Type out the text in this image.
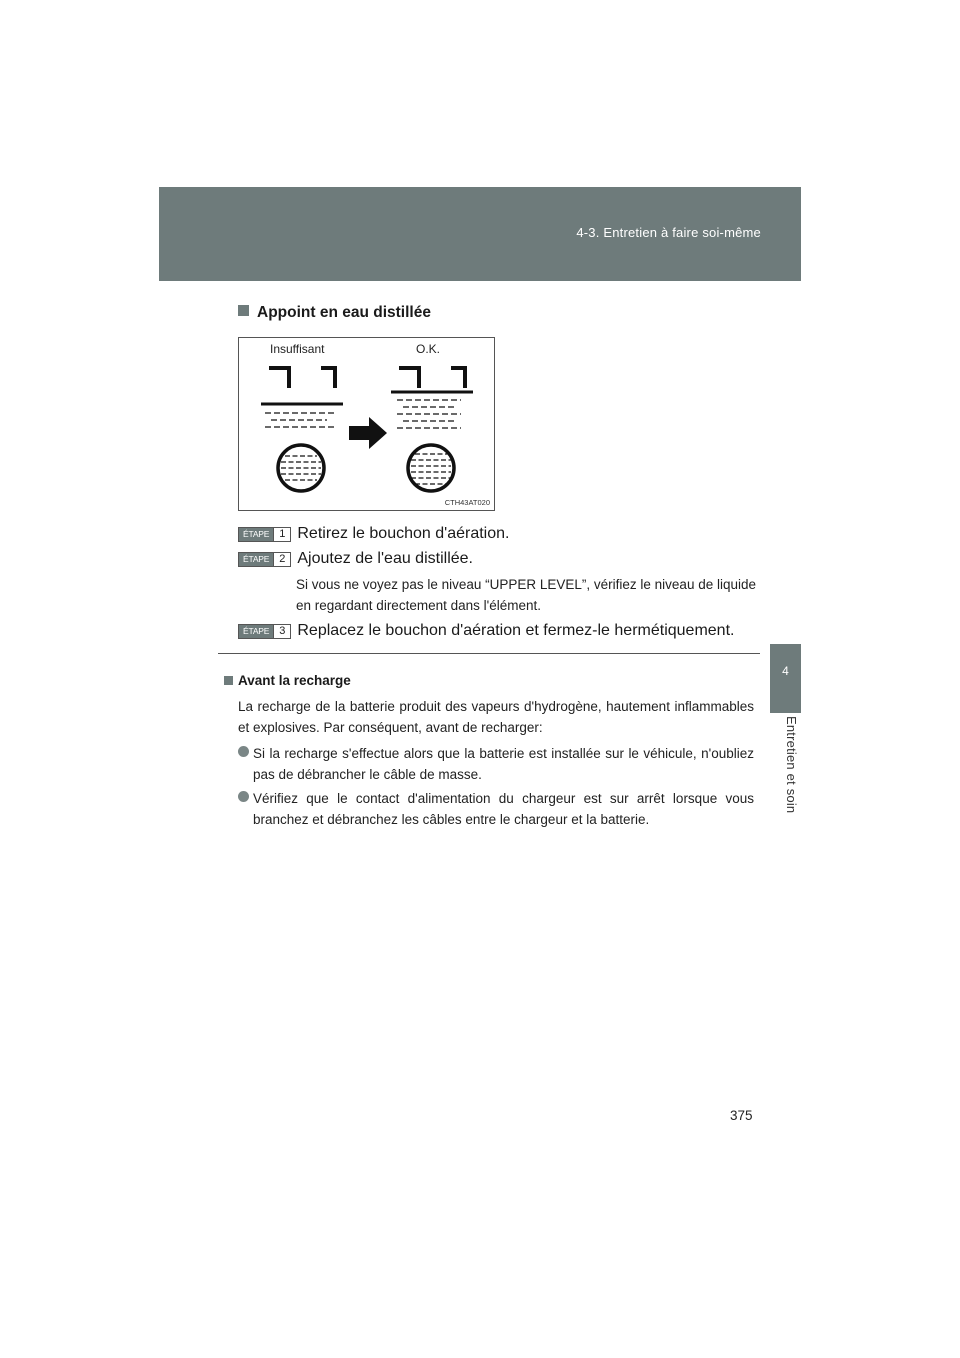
4-3. Entretien à faire soi-même
4
Entretien et soin
Appoint en eau distillée
Insuffisant	O.K.
CTH43AT020
ÉTAPE 1 Retirez le bouchon d'aération.
ÉTAPE 2 Ajoutez de l'eau distillée.
Si vous ne voyez pas le niveau “UPPER LEVEL”, vérifiez le niveau de liquide en regardant directement dans l'élément.
ÉTAPE 3 Replacez le bouchon d'aération et fermez-le hermétiquement.
Avant la recharge
La recharge de la batterie produit des vapeurs d'hydrogène, hautement inflammables et explosives. Par conséquent, avant de recharger:
Si la recharge s'effectue alors que la batterie est installée sur le véhicule, n'oubliez pas de débrancher le câble de masse.
Vérifiez que le contact d'alimentation du chargeur est sur arrêt lorsque vous branchez et débranchez les câbles entre le chargeur et la batterie.
375
